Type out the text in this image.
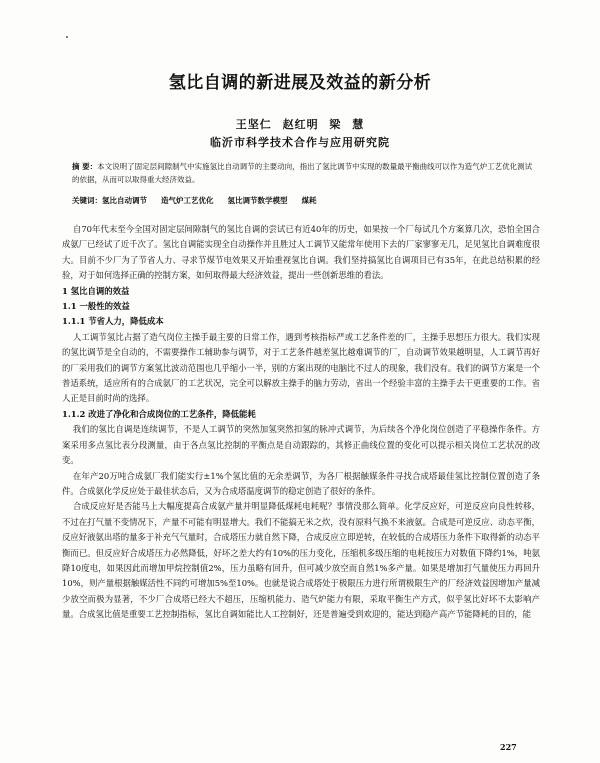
氢比自调的新进展及效益的新分析
王坚仁 赵红明 梁 慧
临沂市科学技术合作与应用研究院
摘 要：本文说明了固定层间隙制气中实施氢比自动调节的主要动向，指出了氢比调节中实现的数量最平衡曲线可以作为造气炉工艺优化测试的依据，从而可以取得重大经济效益。
关键词：氢比自动调节 造气炉工艺优化 氢比调节数学模型 煤耗

自70年代末至今全国对固定层间隙制气的氢比自调的尝试已有近40年的历史，如果按一个厂每试几个方案算几次，恐怕全国合成氨厂已经试了近千次了。氢比自调能实现全自动操作并且胜过人工调节又能常年使用下去的厂家寥寥无几，足见氢比自调难度很大。目前不少厂为了节省人力、寻求节煤节电效果又开始重视氢比自调。我们坚持搞氢比自调项目已有35年，在此总结积累的经验，对于如何选择正确的控制方案，如何取得最大经济效益，提出一些创新思维的看法。

1 氢比自调的效益
1.1 一般性的效益
1.1.1 节省人力，降低成本

人工调节氢比占据了造气岗位主操手最主要的日常工作，遇到考核指标严或工艺条件差的厂，主操手思想压力很大。我们实现的氢比调节是全自动的，不需要操作工辅助参与调节，对于工艺条件越差氢比越难调节的厂，自动调节效果越明显，人工调节再好的厂采用我们的调节方案氢比波动范围也几乎缩小一半，别的方案出现的电脑比不过人的现象，我们没有。我们的调节方案是一个普适系统，适应所有的合成氨厂的工艺状况，完全可以解放主操手的脑力劳动，省出一个经验丰富的主操手去干更重要的工作。省人正是目前时尚的选择。

1.1.2 改进了净化和合成岗位的工艺条件，降低能耗

我们的氢比自调是连续调节，不是人工调节的突然加氢突然扣氢的脉冲式调节，为后续各个净化岗位创造了平稳操作条件。方案采用多点氢比表分段测量，由于各点氢比控制的平衡点是自动跟踪的，其修正曲线位置的变化可以提示相关岗位工艺状况的改变。

在年产20万吨合成氨厂我们能实行±1%个氢比值的无余差调节，为各厂根据触媒条件寻找合成塔最佳氢比控制位置创造了条件。合成氨化学反应处于最佳状态后，又为合成塔温度调节的稳定创造了很好的条件。

合成反应好是否能马上大幅度提高合成氨产量并明显降低煤耗电耗呢？事情没那么简单。化学反应好，可逆反应向良性转移，不过在打气量不变情况下，产量不可能有明显增大。我们不能搞无米之炊，没有原料气换不来液氨。合成是可逆反应、动态平衡，反应好液氨出塔的量多于补充气气量时，合成塔压力就自然下降，合成反应立即逆转，在较低的合成塔压力条件下取得新的动态平衡而已。但反应好合成塔压力必然降低，好坏之差大约有10%的压力变化，压缩机多级压缩的电耗按压力对数值下降约1%，吨氨降10度电，如果因此而增加甲烷控制值2%，压力虽略有回升，但可减少放空而自然1%多产量。如果是增加打气量使压力再回升10%，则产量根据触媒活性不同约可增加5%至10%。也就是说合成塔处于极限压力进行所谓极限生产的厂经济效益因增加产量减少放空而极为显著，不少厂合成塔已经大不超压，压缩机能力、造气炉能力有限，采取平衡生产方式，似乎氢比好坏不太影响产量。合成氢比值是重要工艺控制指标，氢比自调如能比人工控制好，还是普遍受到欢迎的，能达到稳产高产节能降耗的目的，能

227
